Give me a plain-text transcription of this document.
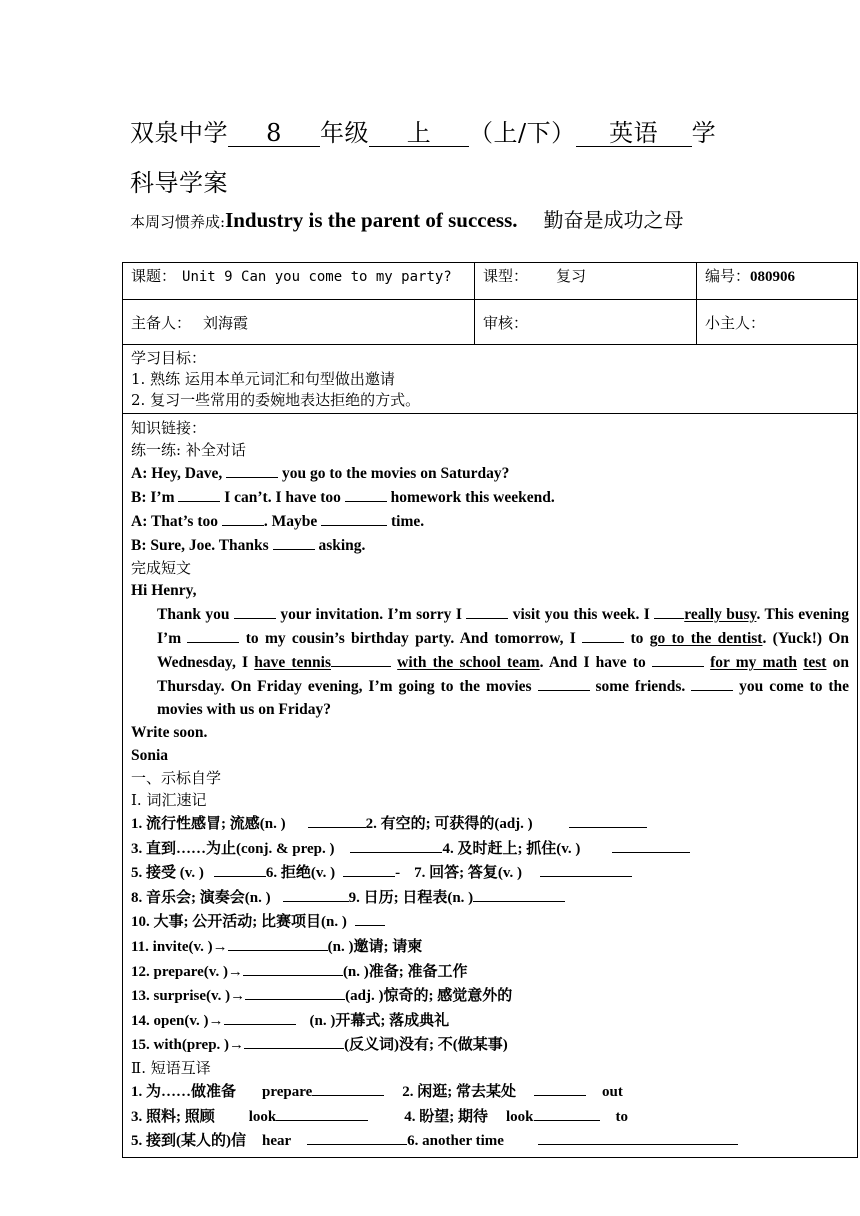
双泉中学 8 年级 上 （上/下） 英语 学
科导学案
本周习惯养成:Industry is the parent of success. 勤奋是成功之母
课题： Unit 9 Can you come to my party?	课型： 复习	编号：080906
主备人： 刘海霞	审核：	小主人：
学习目标：
1. 熟练 运用本单元词汇和句型做出邀请
2. 复习一些常用的委婉地表达拒绝的方式。
知识链接：
练一练: 补全对话
A: Hey, Dave,	you go to the movies on Saturday?
B: I’m	I can’t. I have too	homework this weekend.
A: That’s too	. Maybe	time.
B: Sure, Joe. Thanks	asking.
完成短文
Hi Henry,
Thank you	your invitation. I’m sorry I	visit you this week. I really busy. This evening I’m	to my cousin’s birthday party. And tomorrow, I	to go to the dentist. (Yuck!) On Wednesday, I have tennis	with the school team. And I have to	for my math test on Thursday. On Friday evening, I’m going to the movies	some friends.	you come to the movies with us on Friday?
Write soon.
Sonia
一、示标自学
Ⅰ. 词汇速记
1. 流行性感冒; 流感(n. )	2. 有空的; 可获得的(adj. )
3. 直到……为止(conj. & prep. )	4. 及时赶上; 抓住(v. )
5. 接受 (v. )	6. 拒绝(v. )	- 7. 回答; 答复(v. )
8. 音乐会; 演奏会(n. )	9. 日历; 日程表(n. )
10. 大事; 公开活动; 比赛项目(n. )
11. invite(v. )→	(n. )邀请; 请柬
12. prepare(v. )→	(n. )准备; 准备工作
13. surprise(v. )→	(adj. )惊奇的; 感觉意外的
14. open(v. )→	(n. )开幕式; 落成典礼
15. with(prep. )→	(反义词)没有; 不(做某事)
Ⅱ. 短语互译
1. 为……做准备 prepare	2. 闲逛; 常去某处	out
3. 照料; 照顾 look	4. 盼望; 期待 look	to
5. 接到(某人的)信 hear	6. another time
